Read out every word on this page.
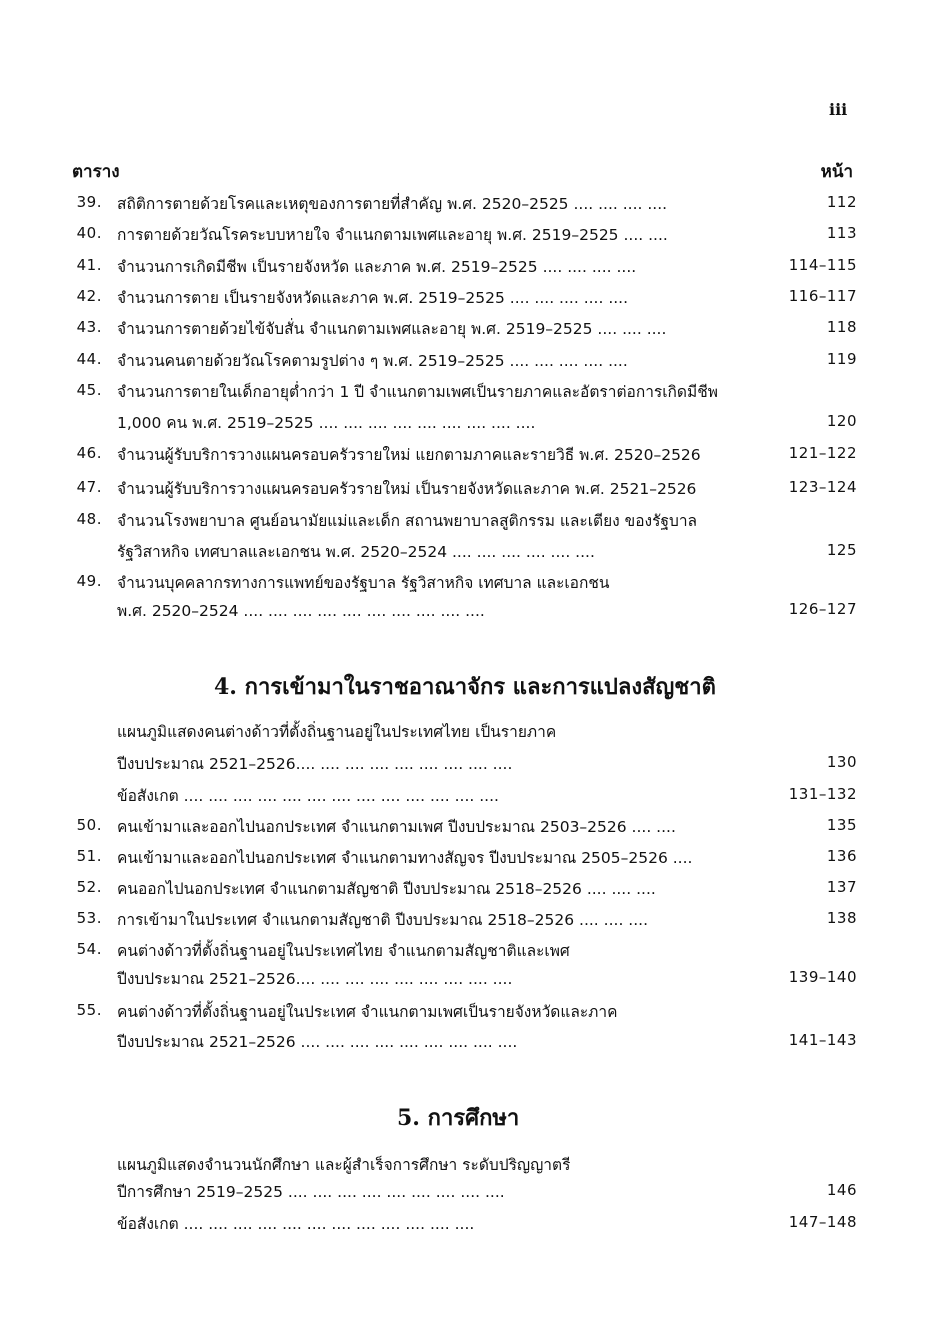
iii
ตาราง	หน้า
39. สถิติการตายด้วยโรคและเหตุของการตายที่สำคัญ พ.ศ. 2520–2525 .... .... .... ....	112
40. การตายด้วยวัณโรคระบบหายใจ จำแนกตามเพศและอายุ พ.ศ. 2519–2525 .... ....	113
41. จำนวนการเกิดมีชีพ เป็นรายจังหวัด และภาค พ.ศ. 2519–2525 .... .... .... ....	114–115
42. จำนวนการตาย เป็นรายจังหวัดและภาค พ.ศ. 2519–2525 .... .... .... .... ....	116–117
43. จำนวนการตายด้วยไข้จับสั่น จำแนกตามเพศและอายุ พ.ศ. 2519–2525 .... .... ....	118
44. จำนวนคนตายด้วยวัณโรคตามรูปต่าง ๆ พ.ศ. 2519–2525 .... .... .... .... ....	119
45. จำนวนการตายในเด็กอายุต่ำกว่า 1 ปี จำแนกตามเพศเป็นรายภาคและอัตราต่อการเกิดมีชีพ
1,000 คน พ.ศ. 2519–2525 .... .... .... .... .... .... .... .... ....	120
46. จำนวนผู้รับบริการวางแผนครอบครัวรายใหม่ แยกตามภาคและรายวิธี พ.ศ. 2520–2526	121–122
47. จำนวนผู้รับบริการวางแผนครอบครัวรายใหม่ เป็นรายจังหวัดและภาค พ.ศ. 2521–2526	123–124
48. จำนวนโรงพยาบาล ศูนย์อนามัยแม่และเด็ก สถานพยาบาลสูติกรรม และเตียง ของรัฐบาล
รัฐวิสาหกิจ เทศบาลและเอกชน พ.ศ. 2520–2524 .... .... .... .... .... ....	125
49. จำนวนบุคคลากรทางการแพทย์ของรัฐบาล รัฐวิสาหกิจ เทศบาล และเอกชน
พ.ศ. 2520–2524 .... .... .... .... .... .... .... .... .... ....	126–127
4. การเข้ามาในราชอาณาจักร และการแปลงสัญชาติ
แผนภูมิแสดงคนต่างด้าวที่ตั้งถิ่นฐานอยู่ในประเทศไทย เป็นรายภาค
ปีงบประมาณ 2521–2526.... .... .... .... .... .... .... .... ....	130
ข้อสังเกต .... .... .... .... .... .... .... .... .... .... .... .... ....	131–132
50. คนเข้ามาและออกไปนอกประเทศ จำแนกตามเพศ ปีงบประมาณ 2503–2526 .... ....	135
51. คนเข้ามาและออกไปนอกประเทศ จำแนกตามทางสัญจร ปีงบประมาณ 2505–2526 ....	136
52. คนออกไปนอกประเทศ จำแนกตามสัญชาติ ปีงบประมาณ 2518–2526 .... .... ....	137
53. การเข้ามาในประเทศ จำแนกตามสัญชาติ ปีงบประมาณ 2518–2526 .... .... ....	138
54. คนต่างด้าวที่ตั้งถิ่นฐานอยู่ในประเทศไทย จำแนกตามสัญชาติและเพศ
ปีงบประมาณ 2521–2526.... .... .... .... .... .... .... .... ....	139–140
55. คนต่างด้าวที่ตั้งถิ่นฐานอยู่ในประเทศ จำแนกตามเพศเป็นรายจังหวัดและภาค
ปีงบประมาณ 2521–2526 .... .... .... .... .... .... .... .... ....	141–143
5. การศึกษา
แผนภูมิแสดงจำนวนนักศึกษา และผู้สำเร็จการศึกษา ระดับปริญญาตรี
ปีการศึกษา 2519–2525 .... .... .... .... .... .... .... .... ....	146
ข้อสังเกต .... .... .... .... .... .... .... .... .... .... .... ....	147–148
